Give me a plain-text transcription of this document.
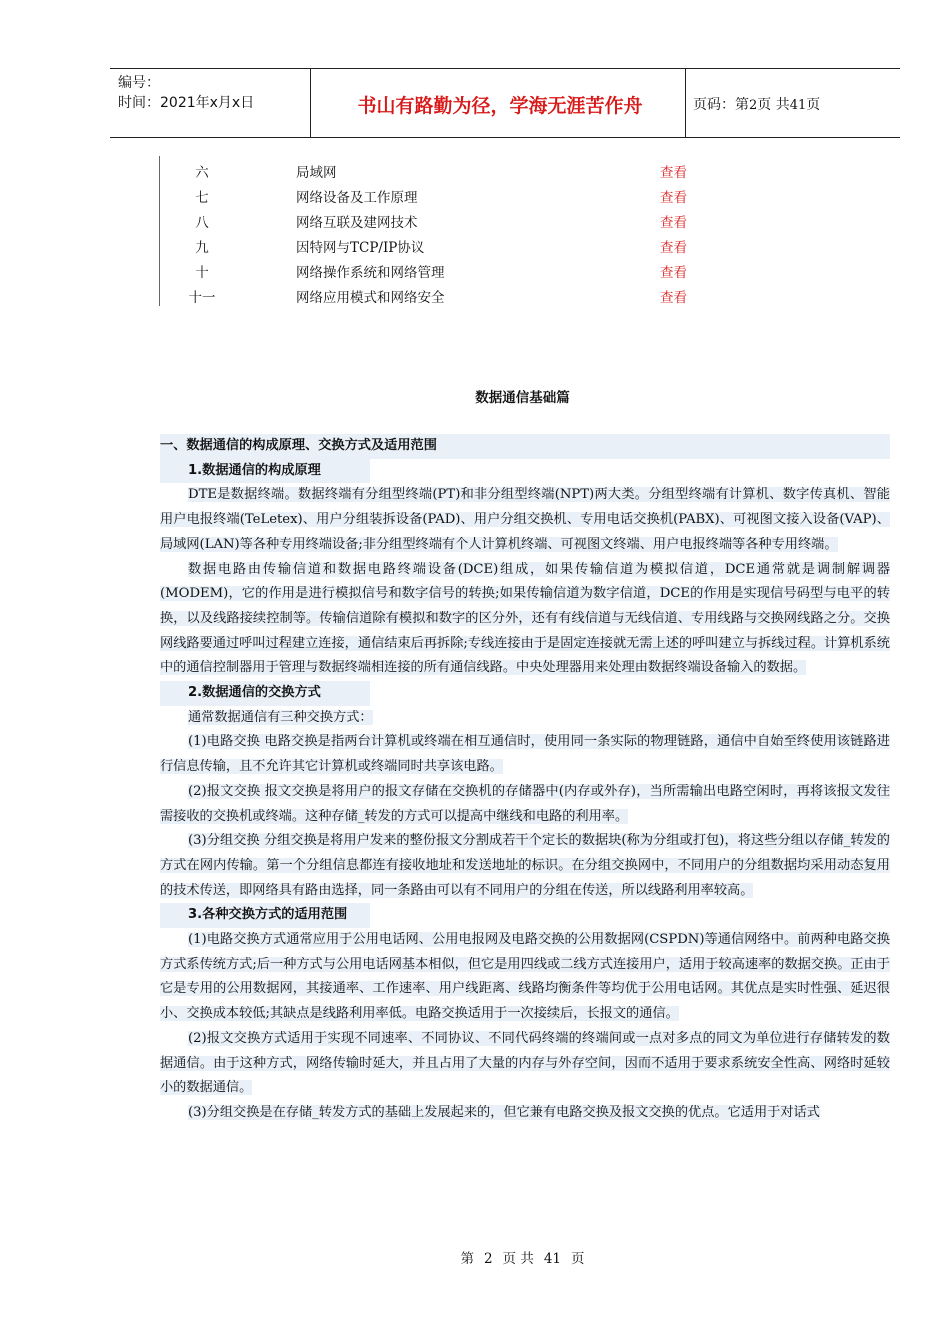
编号：
时间：2021年x月x日	书山有路勤为径，学海无涯苦作舟	页码：第2页 共41页
六	局域网	查看
七	网络设备及工作原理	查看
八	网络互联及建网技术	查看
九	因特网与TCP/IP协议	查看
十	网络操作系统和网络管理	查看
十一	网络应用模式和网络安全	查看
数据通信基础篇
一、数据通信的构成原理、交换方式及适用范围
1.数据通信的构成原理

DTE是数据终端。数据终端有分组型终端(PT)和非分组型终端(NPT)两大类。分组型终端有计算机、数字传真机、智能用户电报终端(TeLetex)、用户分组装拆设备(PAD)、用户分组交换机、专用电话交换机(PABX)、可视图文接入设备(VAP)、局域网(LAN)等各种专用终端设备;非分组型终端有个人计算机终端、可视图文终端、用户电报终端等各种专用终端。

数据电路由传输信道和数据电路终端设备(DCE)组成，如果传输信道为模拟信道，DCE通常就是调制解调器(MODEM)，它的作用是进行模拟信号和数字信号的转换;如果传输信道为数字信道，DCE的作用是实现信号码型与电平的转换，以及线路接续控制等。传输信道除有模拟和数字的区分外，还有有线信道与无线信道、专用线路与交换网线路之分。交换网线路要通过呼叫过程建立连接，通信结束后再拆除;专线连接由于是固定连接就无需上述的呼叫建立与拆线过程。计算机系统中的通信控制器用于管理与数据终端相连接的所有通信线路。中央处理器用来处理由数据终端设备输入的数据。

2.数据通信的交换方式

通常数据通信有三种交换方式：

(1)电路交换 电路交换是指两台计算机或终端在相互通信时，使用同一条实际的物理链路，通信中自始至终使用该链路进行信息传输，且不允许其它计算机或终端同时共享该电路。

(2)报文交换 报文交换是将用户的报文存储在交换机的存储器中(内存或外存)，当所需输出电路空闲时，再将该报文发往需接收的交换机或终端。这种存储_转发的方式可以提高中继线和电路的利用率。

(3)分组交换 分组交换是将用户发来的整份报文分割成若干个定长的数据块(称为分组或打包)，将这些分组以存储_转发的方式在网内传输。第一个分组信息都连有接收地址和发送地址的标识。在分组交换网中，不同用户的分组数据均采用动态复用的技术传送，即网络具有路由选择，同一条路由可以有不同用户的分组在传送，所以线路利用率较高。

3.各种交换方式的适用范围

(1)电路交换方式通常应用于公用电话网、公用电报网及电路交换的公用数据网(CSPDN)等通信网络中。前两种电路交换方式系传统方式;后一种方式与公用电话网基本相似，但它是用四线或二线方式连接用户，适用于较高速率的数据交换。正由于它是专用的公用数据网，其接通率、工作速率、用户线距离、线路均衡条件等均优于公用电话网。其优点是实时性强、延迟很小、交换成本较低;其缺点是线路利用率低。电路交换适用于一次接续后，长报文的通信。

(2)报文交换方式适用于实现不同速率、不同协议、不同代码终端的终端间或一点对多点的同文为单位进行存储转发的数据通信。由于这种方式，网络传输时延大，并且占用了大量的内存与外存空间，因而不适用于要求系统安全性高、网络时延较小的数据通信。

(3)分组交换是在存储_转发方式的基础上发展起来的，但它兼有电路交换及报文交换的优点。它适用于对话式

第 2 页 共 41 页
